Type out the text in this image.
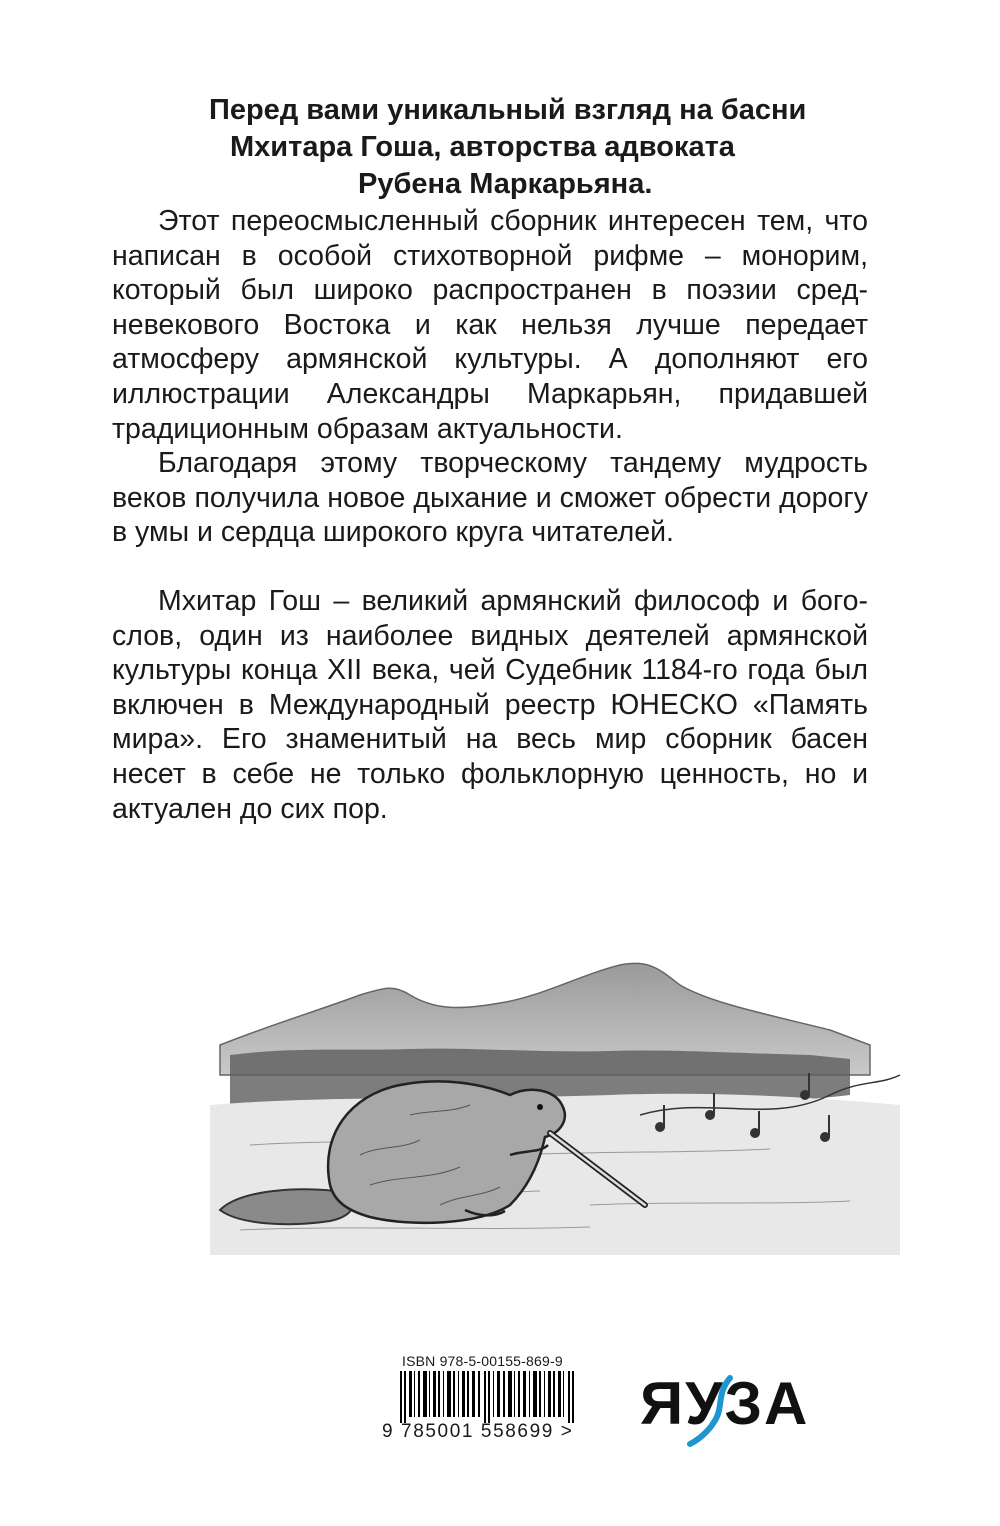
Перед вами уникальный взгляд на басни
Мхитара Гоша, авторства адвоката
Рубена Маркарьяна.

Этот переосмысленный сборник интересен тем, что написан в особой стихотворной рифме – монорим, который был широко распространен в поэзии средневекового Востока и как нельзя лучше передает атмосферу армянской культуры. А дополняют его иллюстрации Александры Маркарьян, придавшей традиционным образам актуальности.

Благодаря этому творческому тандему мудрость веков получила новое дыхание и сможет обрести дорогу в умы и сердца широкого круга читателей.

Мхитар Гош – великий армянский философ и богослов, один из наиболее видных деятелей армянской культуры конца XII века, чей Судебник 1184-го года был включен в Международный реестр ЮНЕСКО «Память мира». Его знаменитый на весь мир сборник басен несет в себе не только фольклорную ценность, но и актуален до сих пор.

ISBN 978-5-00155-869-9
9 785001 558699 > ЯУЗА
